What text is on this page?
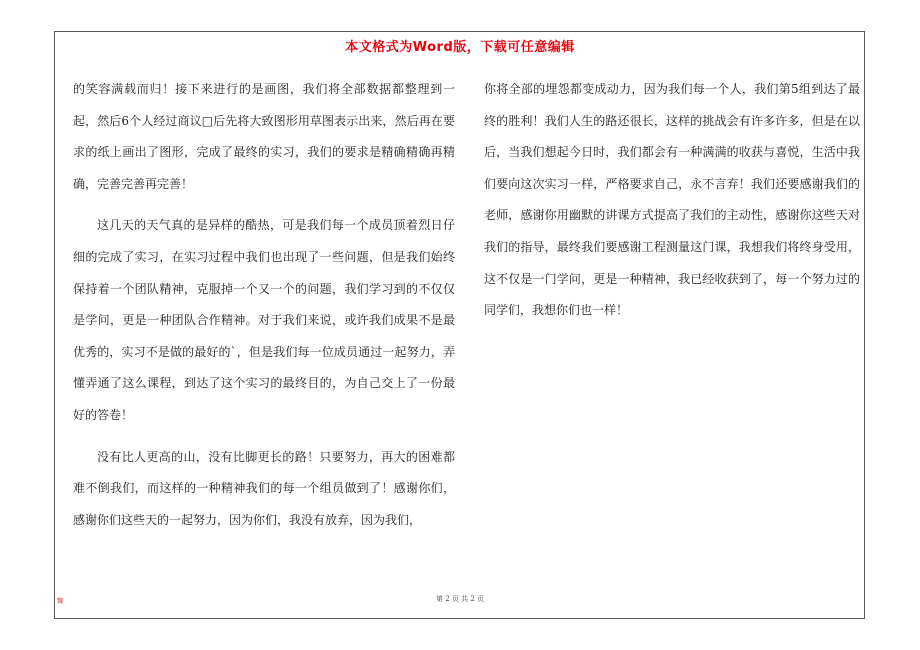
本文格式为Word版，下载可任意编辑

的笑容满载而归！接下来进行的是画图，我们将全部数据都整理到一起，然后6个人经过商议□后先将大致图形用草图表示出来，然后再在要求的纸上画出了图形，完成了最终的实习，我们的要求是精确精确再精确，完善完善再完善！

这几天的天气真的是异样的酷热，可是我们每一个成员顶着烈日仔细的完成了实习，在实习过程中我们也出现了一些问题，但是我们始终保持着一个团队精神，克服掉一个又一个的问题，我们学习到的不仅仅是学问，更是一种团队合作精神。对于我们来说，或许我们成果不是最优秀的，实习不是做的最好的`，但是我们每一位成员通过一起努力，弄懂弄通了这么课程，到达了这个实习的最终目的，为自己交上了一份最好的答卷！

没有比人更高的山，没有比脚更长的路！只要努力，再大的困难都难不倒我们，而这样的一种精神我们的每一个组员做到了！感谢你们，感谢你们这些天的一起努力，因为你们，我没有放弃，因为我们，

你将全部的埋怨都变成动力，因为我们每一个人，我们第5组到达了最终的胜利！我们人生的路还很长，这样的挑战会有许多许多，但是在以后，当我们想起今日时，我们都会有一种满满的收获与喜悦，生活中我们要向这次实习一样，严格要求自己，永不言弃！我们还要感谢我们的老师，感谢你用幽默的讲课方式提高了我们的主动性，感谢你这些天对我们的指导，最终我们要感谢工程测量这门课，我想我们将终身受用，这不仅是一门学问，更是一种精神，我已经收获到了，每一个努力过的同学们，我想你们也一样！

魏	第 2 页 共 2 页
